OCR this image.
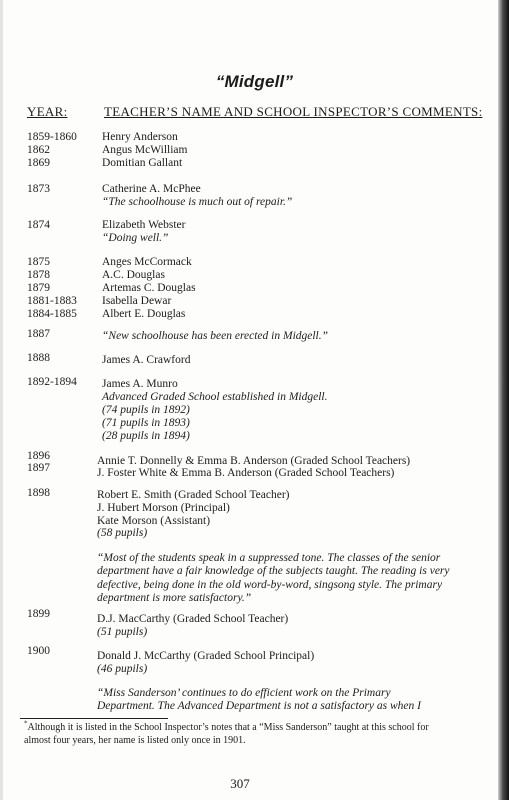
“Midgell”
YEAR:	TEACHER’S NAME AND SCHOOL INSPECTOR’S COMMENTS:
1859-1860 Henry Anderson
1862	Angus McWilliam
1869	Domitian Gallant
1873	Catherine A. McPhee
“The schoolhouse is much out of repair.”
1874	Elizabeth Webster
“Doing well.”
1875	Anges McCormack
1878	A.C. Douglas
1879	Artemas C. Douglas
1881-1883 Isabella Dewar
1884-1885 Albert E. Douglas
1887	“New schoolhouse has been erected in Midgell.”
1888	James A. Crawford
1892-1894 James A. Munro
Advanced Graded School established in Midgell.
(74 pupils in 1892)
(71 pupils in 1893)
(28 pupils in 1894)
1896	Annie T. Donnelly & Emma B. Anderson (Graded School Teachers)
1897	J. Foster White & Emma B. Anderson (Graded School Teachers)
1898	Robert E. Smith (Graded School Teacher)
J. Hubert Morson (Principal)
Kate Morson (Assistant)
(58 pupils)
“Most of the students speak in a suppressed tone. The classes of the senior department have a fair knowledge of the subjects taught. The reading is very defective, being done in the old word-by-word, singsong style. The primary department is more satisfactory.”
1899	D.J. MacCarthy (Graded School Teacher)
(51 pupils)
1900	Donald J. McCarthy (Graded School Principal)
(46 pupils)
“Miss Sanderson’ continues to do efficient work on the Primary
Department. The Advanced Department is not a satisfactory as when I
*Although it is listed in the School Inspector’s notes that a “Miss Sanderson” taught at this school for almost four years, her name is listed only once in 1901.
307
